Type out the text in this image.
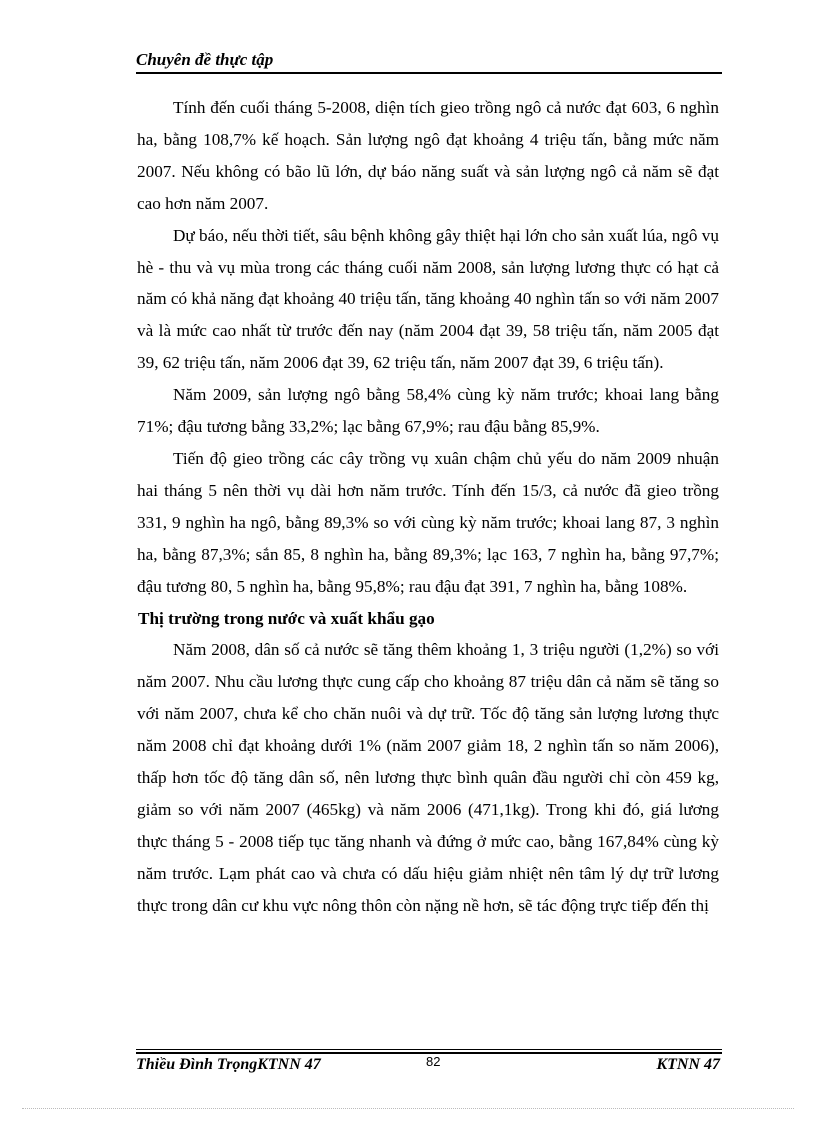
Chuyên đề thực tập

Tính đến cuối tháng 5-2008, diện tích gieo trồng ngô cả nước đạt 603, 6 nghìn ha, bằng 108,7% kế hoạch. Sản lượng ngô đạt khoảng 4 triệu tấn, bằng mức năm 2007. Nếu không có bão lũ lớn, dự báo năng suất và sản lượng ngô cả năm sẽ đạt cao hơn năm 2007.

Dự báo, nếu thời tiết, sâu bệnh không gây thiệt hại lớn cho sản xuất lúa, ngô vụ hè - thu và vụ mùa trong các tháng cuối năm 2008, sản lượng lương thực có hạt cả năm có khả năng đạt khoảng 40 triệu tấn, tăng khoảng 40 nghìn tấn so với năm 2007 và là mức cao nhất từ trước đến nay (năm 2004 đạt 39, 58 triệu tấn, năm 2005 đạt 39, 62 triệu tấn, năm 2006 đạt 39, 62 triệu tấn, năm 2007 đạt 39, 6 triệu tấn).

Năm 2009, sản lượng ngô bằng 58,4% cùng kỳ năm trước; khoai lang bằng 71%; đậu tương bằng 33,2%; lạc bằng 67,9%; rau đậu bằng 85,9%.

Tiến độ gieo trồng các cây trồng vụ xuân chậm chủ yếu do năm 2009 nhuận hai tháng 5 nên thời vụ dài hơn năm trước. Tính đến 15/3, cả nước đã gieo trồng 331, 9 nghìn ha ngô, bằng 89,3% so với cùng kỳ năm trước; khoai lang 87, 3 nghìn ha, bằng 87,3%; sắn 85, 8 nghìn ha, bằng 89,3%; lạc 163, 7 nghìn ha, bằng 97,7%; đậu tương 80, 5 nghìn ha, bằng 95,8%; rau đậu đạt 391, 7 nghìn ha, bằng 108%.

Thị trường trong nước và xuất khẩu gạo

Năm 2008, dân số cả nước sẽ tăng thêm khoảng 1, 3 triệu người (1,2%) so với năm 2007. Nhu cầu lương thực cung cấp cho khoảng 87 triệu dân cả năm sẽ tăng so với năm 2007, chưa kể cho chăn nuôi và dự trữ. Tốc độ tăng sản lượng lương thực năm 2008 chỉ đạt khoảng dưới 1% (năm 2007 giảm 18, 2 nghìn tấn so năm 2006), thấp hơn tốc độ tăng dân số, nên lương thực bình quân đầu người chỉ còn 459 kg, giảm so với năm 2007 (465kg) và năm 2006 (471,1kg). Trong khi đó, giá lương thực tháng 5 - 2008 tiếp tục tăng nhanh và đứng ở mức cao, bằng 167,84% cùng kỳ năm trước. Lạm phát cao và chưa có dấu hiệu giảm nhiệt nên tâm lý dự trữ lương thực trong dân cư khu vực nông thôn còn nặng nề hơn, sẽ tác động trực tiếp đến thị

Thiều Đình TrọngKTNN 47	82	KTNN 47
